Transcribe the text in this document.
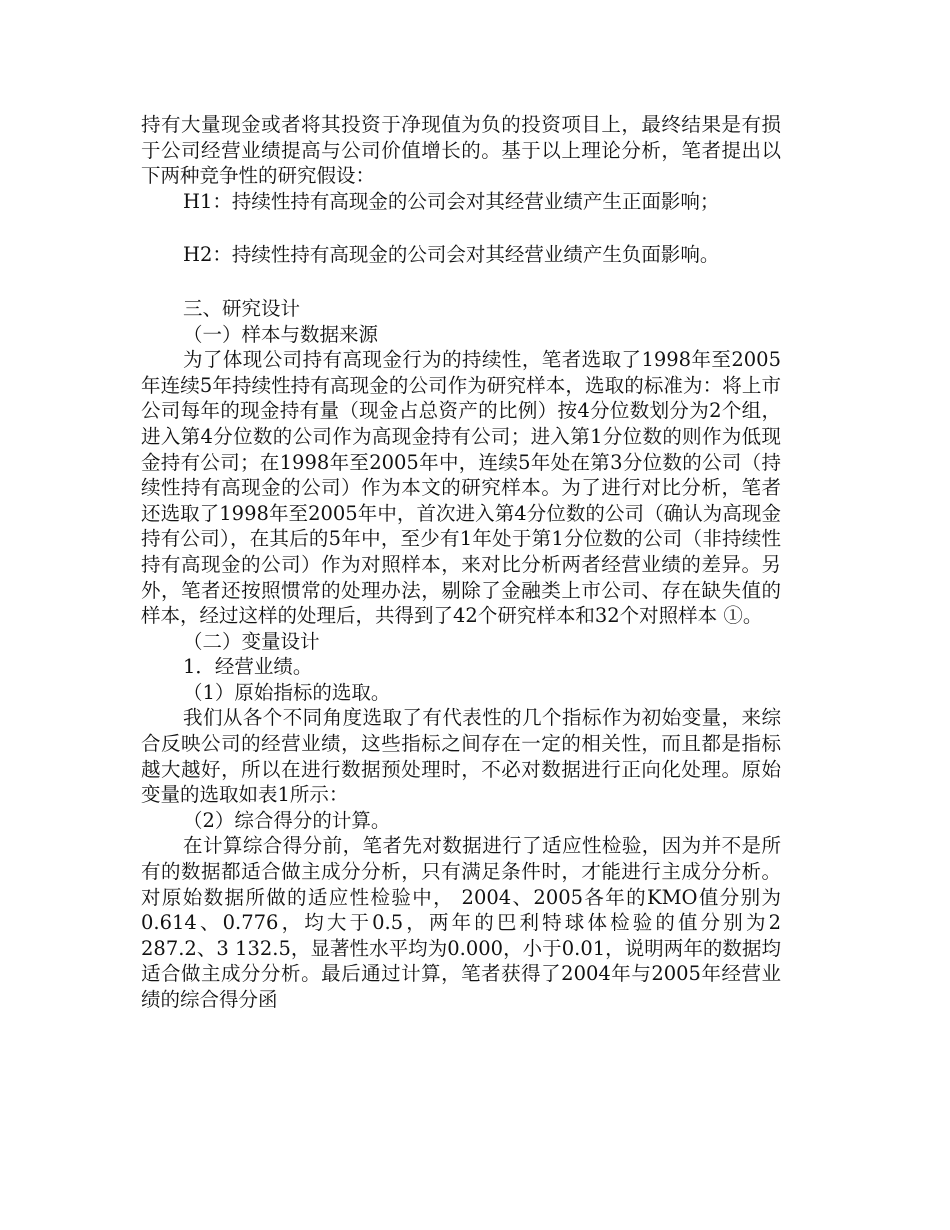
持有大量现金或者将其投资于净现值为负的投资项目上，最终结果是有损于公司经营业绩提高与公司价值增长的。基于以上理论分析，笔者提出以下两种竞争性的研究假设：

H1：持续性持有高现金的公司会对其经营业绩产生正面影响；

H2：持续性持有高现金的公司会对其经营业绩产生负面影响。

三、研究设计

（一）样本与数据来源

为了体现公司持有高现金行为的持续性，笔者选取了1998年至2005年连续5年持续性持有高现金的公司作为研究样本，选取的标准为：将上市公司每年的现金持有量（现金占总资产的比例）按4分位数划分为2个组，进入第4分位数的公司作为高现金持有公司；进入第1分位数的则作为低现金持有公司；在1998年至2005年中，连续5年处在第3分位数的公司（持续性持有高现金的公司）作为本文的研究样本。为了进行对比分析，笔者还选取了1998年至2005年中，首次进入第4分位数的公司（确认为高现金持有公司），在其后的5年中，至少有1年处于第1分位数的公司（非持续性持有高现金的公司）作为对照样本，来对比分析两者经营业绩的差异。另外，笔者还按照惯常的处理办法，剔除了金融类上市公司、存在缺失值的样本，经过这样的处理后，共得到了42个研究样本和32个对照样本 ①。

（二）变量设计

1．经营业绩。

（1）原始指标的选取。

我们从各个不同角度选取了有代表性的几个指标作为初始变量，来综合反映公司的经营业绩，这些指标之间存在一定的相关性，而且都是指标越大越好，所以在进行数据预处理时，不必对数据进行正向化处理。原始变量的选取如表1所示：

（2）综合得分的计算。

在计算综合得分前，笔者先对数据进行了适应性检验，因为并不是所有的数据都适合做主成分分析，只有满足条件时，才能进行主成分分析。对原始数据所做的适应性检验中， 2004、2005各年的KMO值分别为0.614、0.776，均大于0.5，两年的巴利特球体检验的值分别为2 287.2、3 132.5，显著性水平均为0.000，小于0.01，说明两年的数据均适合做主成分分析。最后通过计算，笔者获得了2004年与2005年经营业绩的综合得分函
